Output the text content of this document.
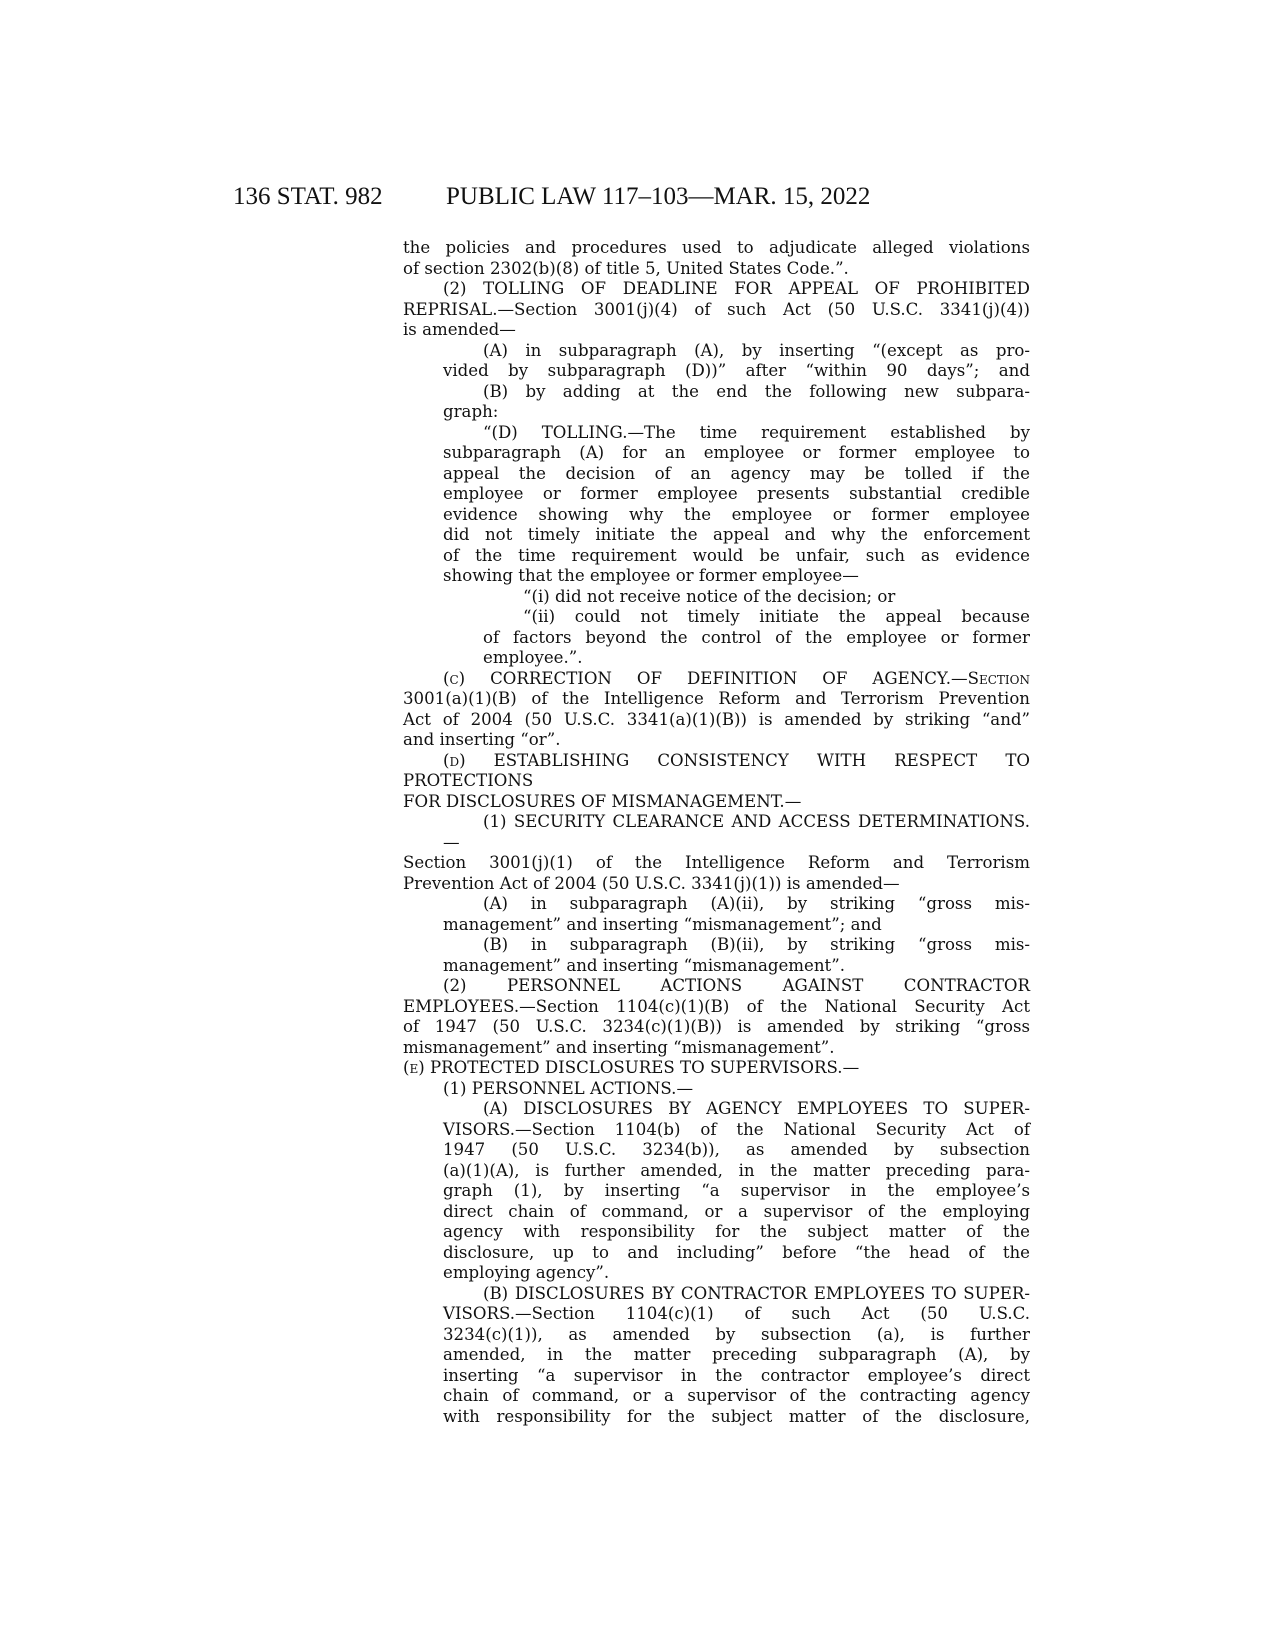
136 STAT. 982	PUBLIC LAW 117–103—MAR. 15, 2022

the policies and procedures used to adjudicate alleged violations

of section 2302(b)(8) of title 5, United States Code.”.

(2) TOLLING OF DEADLINE FOR APPEAL OF PROHIBITED

REPRISAL.—Section 3001(j)(4) of such Act (50 U.S.C. 3341(j)(4))

is amended—

(A) in subparagraph (A), by inserting “(except as pro-

vided by subparagraph (D))” after “within 90 days”; and

(B) by adding at the end the following new subpara-

graph:

“(D) TOLLING.—The time requirement established by

subparagraph (A) for an employee or former employee to

appeal the decision of an agency may be tolled if the

employee or former employee presents substantial credible

evidence showing why the employee or former employee

did not timely initiate the appeal and why the enforcement

of the time requirement would be unfair, such as evidence

showing that the employee or former employee—

“(i) did not receive notice of the decision; or

“(ii) could not timely initiate the appeal because

of factors beyond the control of the employee or former

employee.”.

(c) CORRECTION OF DEFINITION OF AGENCY.—Section

3001(a)(1)(B) of the Intelligence Reform and Terrorism Prevention

Act of 2004 (50 U.S.C. 3341(a)(1)(B)) is amended by striking “and”

and inserting “or”.

(d) ESTABLISHING CONSISTENCY WITH RESPECT TO PROTECTIONS

FOR DISCLOSURES OF MISMANAGEMENT.—

(1) SECURITY CLEARANCE AND ACCESS DETERMINATIONS.—

Section 3001(j)(1) of the Intelligence Reform and Terrorism

Prevention Act of 2004 (50 U.S.C. 3341(j)(1)) is amended—

(A) in subparagraph (A)(ii), by striking “gross mis-

management” and inserting “mismanagement”; and

(B) in subparagraph (B)(ii), by striking “gross mis-

management” and inserting “mismanagement”.

(2) PERSONNEL ACTIONS AGAINST CONTRACTOR

EMPLOYEES.—Section 1104(c)(1)(B) of the National Security Act

of 1947 (50 U.S.C. 3234(c)(1)(B)) is amended by striking “gross

mismanagement” and inserting “mismanagement”.

(e) PROTECTED DISCLOSURES TO SUPERVISORS.—

(1) PERSONNEL ACTIONS.—

(A) DISCLOSURES BY AGENCY EMPLOYEES TO SUPER-

VISORS.—Section 1104(b) of the National Security Act of

1947 (50 U.S.C. 3234(b)), as amended by subsection

(a)(1)(A), is further amended, in the matter preceding para-

graph (1), by inserting “a supervisor in the employee’s

direct chain of command, or a supervisor of the employing

agency with responsibility for the subject matter of the

disclosure, up to and including” before “the head of the

employing agency”.

(B) DISCLOSURES BY CONTRACTOR EMPLOYEES TO SUPER-

VISORS.—Section 1104(c)(1) of such Act (50 U.S.C.

3234(c)(1)), as amended by subsection (a), is further

amended, in the matter preceding subparagraph (A), by

inserting “a supervisor in the contractor employee’s direct

chain of command, or a supervisor of the contracting agency

with responsibility for the subject matter of the disclosure,
